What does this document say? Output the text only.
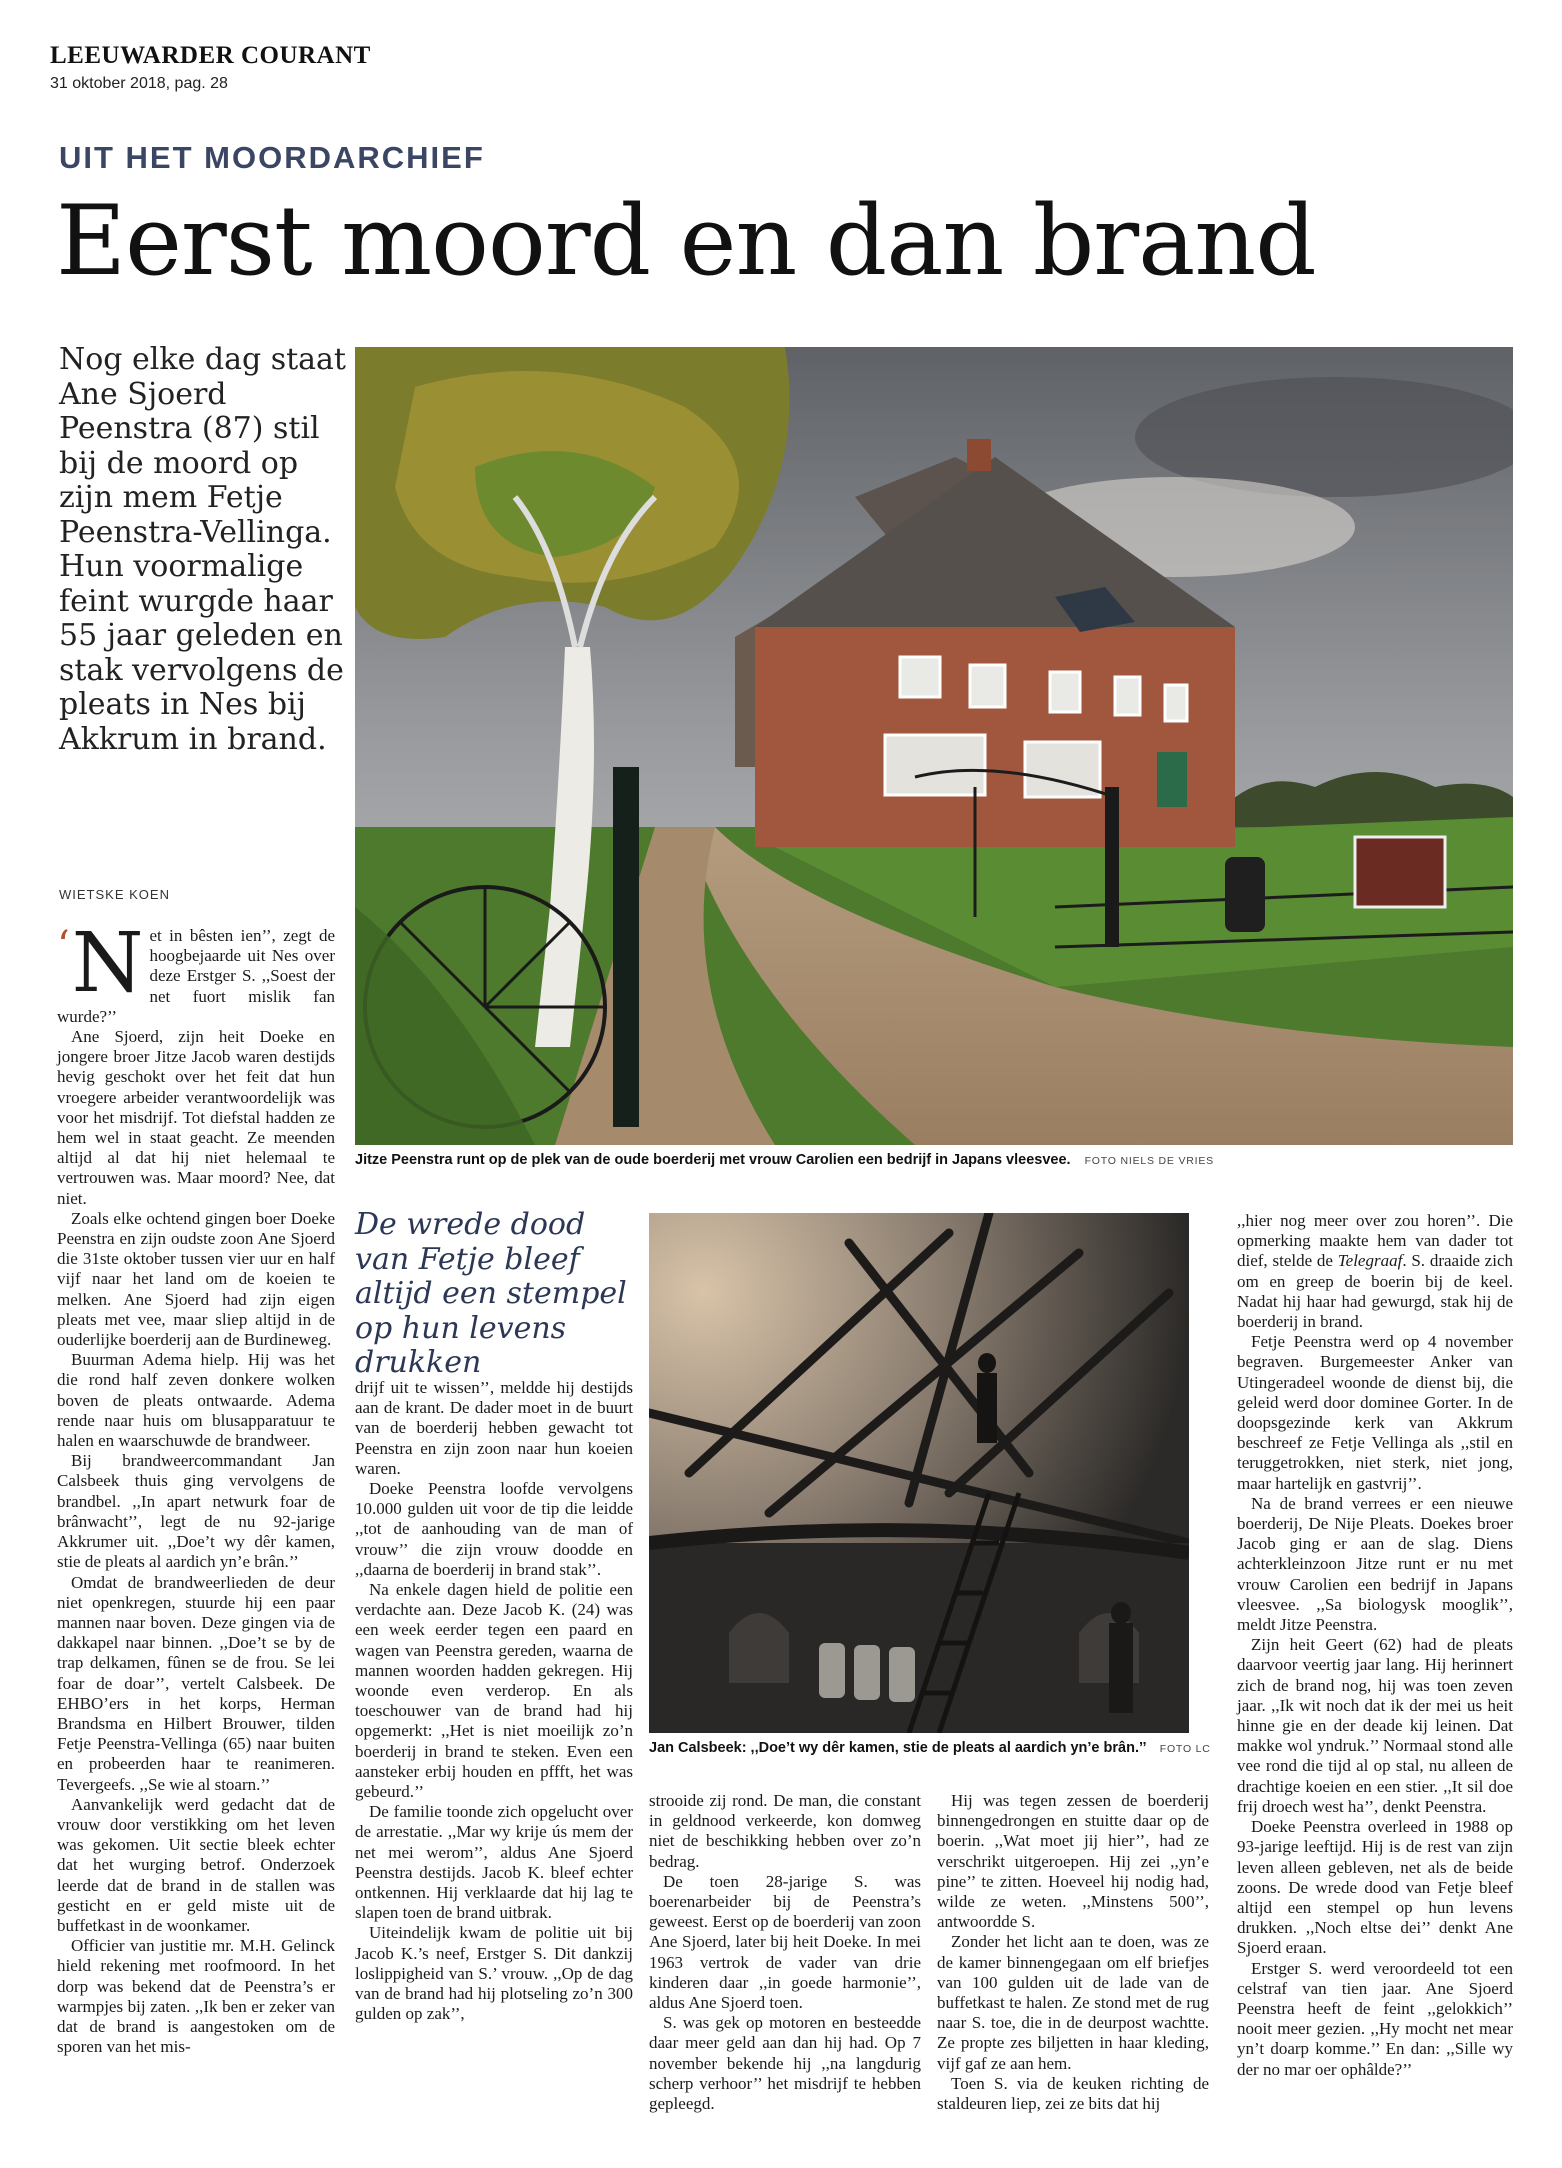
LEEUWARDER COURANT
31 oktober 2018, pag. 28
UIT HET MOORDARCHIEF
Eerst moord en dan brand
Nog elke dag staat Ane Sjoerd Peenstra (87) stil bij de moord op zijn mem Fetje Peenstra-Vellinga. Hun voormalige feint wurgde haar 55 jaar geleden en stak vervolgens de pleats in Nes bij Akkrum in brand.
WIETSKE KOEN
Jitze Peenstra runt op de plek van de oude boerderij met vrouw Carolien een bedrijf in Japans vleesvee. FOTO NIELS DE VRIES
De wrede dood van Fetje bleef altijd een stempel op hun levens drukken
Jan Calsbeek: ,,Doe’t wy dêr kamen, stie de pleats al aardich yn’e brân.’’ FOTO LC

‘ N et in bêsten ien’’, zegt de hoogbejaarde uit Nes over deze Erstger S. ,,Soest der net fuort mislik fan wurde?’’

Ane Sjoerd, zijn heit Doeke en jongere broer Jitze Jacob waren destijds hevig geschokt over het feit dat hun vroegere arbeider verantwoordelijk was voor het misdrijf. Tot diefstal hadden ze hem wel in staat geacht. Ze meenden altijd al dat hij niet helemaal te vertrouwen was. Maar moord? Nee, dat niet.

Zoals elke ochtend gingen boer Doeke Peenstra en zijn oudste zoon Ane Sjoerd die 31ste oktober tussen vier uur en half vijf naar het land om de koeien te melken. Ane Sjoerd had zijn eigen pleats met vee, maar sliep altijd in de ouderlijke boerderij aan de Burdineweg.

Buurman Adema hielp. Hij was het die rond half zeven donkere wolken boven de pleats ontwaarde. Adema rende naar huis om blusapparatuur te halen en waarschuwde de brandweer.

Bij brandweercommandant Jan Calsbeek thuis ging vervolgens de brandbel. ,,In apart netwurk foar de brânwacht’’, legt de nu 92-jarige Akkrumer uit. ,,Doe’t wy dêr kamen, stie de pleats al aardich yn’e brân.’’

Omdat de brandweerlieden de deur niet openkregen, stuurde hij een paar mannen naar boven. Deze gingen via de dakkapel naar binnen. ,,Doe’t se by de trap delkamen, fûnen se de frou. Se lei foar de doar’’, vertelt Calsbeek. De EHBO’ers in het korps, Herman Brandsma en Hilbert Brouwer, tilden Fetje Peenstra-Vellinga (65) naar buiten en probeerden haar te reanimeren. Tevergeefs. ,,Se wie al stoarn.’’

Aanvankelijk werd gedacht dat de vrouw door verstikking om het leven was gekomen. Uit sectie bleek echter dat het wurging betrof. Onderzoek leerde dat de brand in de stallen was gesticht en er geld miste uit de buffetkast in de woonkamer.

Officier van justitie mr. M.H. Gelinck hield rekening met roofmoord. In het dorp was bekend dat de Peenstra’s er warmpjes bij zaten. ,,Ik ben er zeker van dat de brand is aangestoken om de sporen van het mis-

drijf uit te wissen’’, meldde hij destijds aan de krant. De dader moet in de buurt van de boerderij hebben gewacht tot Peenstra en zijn zoon naar hun koeien waren.

Doeke Peenstra loofde vervolgens 10.000 gulden uit voor de tip die leidde ,,tot de aanhouding van de man of vrouw’’ die zijn vrouw doodde en ,,daarna de boerderij in brand stak’’.

Na enkele dagen hield de politie een verdachte aan. Deze Jacob K. (24) was een week eerder tegen een paard en wagen van Peenstra gereden, waarna de mannen woorden hadden gekregen. Hij woonde even verderop. En als toeschouwer van de brand had hij opgemerkt: ,,Het is niet moeilijk zo’n boerderij in brand te steken. Even een aansteker erbij houden en pffft, het was gebeurd.’’

De familie toonde zich opgelucht over de arrestatie. ,,Mar wy krije ús mem der net mei werom’’, aldus Ane Sjoerd Peenstra destijds. Jacob K. bleef echter ontkennen. Hij verklaarde dat hij lag te slapen toen de brand uitbrak.

Uiteindelijk kwam de politie uit bij Jacob K.’s neef, Erstger S. Dit dankzij loslippigheid van S.’ vrouw. ,,Op de dag van de brand had hij plotseling zo’n 300 gulden op zak’’,

strooide zij rond. De man, die constant in geldnood verkeerde, kon domweg niet de beschikking hebben over zo’n bedrag.

De toen 28-jarige S. was boerenarbeider bij de Peenstra’s geweest. Eerst op de boerderij van zoon Ane Sjoerd, later bij heit Doeke. In mei 1963 vertrok de vader van drie kinderen daar ,,in goede harmonie’’, aldus Ane Sjoerd toen.

S. was gek op motoren en besteedde daar meer geld aan dan hij had. Op 7 november bekende hij ,,na langdurig scherp verhoor’’ het misdrijf te hebben gepleegd.

Hij was tegen zessen de boerderij binnengedrongen en stuitte daar op de boerin. ,,Wat moet jij hier’’, had ze verschrikt uitgeroepen. Hij zei ,,yn’e pine’’ te zitten. Hoeveel hij nodig had, wilde ze weten. ,,Minstens 500’’, antwoordde S.

Zonder het licht aan te doen, was ze de kamer binnengegaan om elf briefjes van 100 gulden uit de lade van de buffetkast te halen. Ze stond met de rug naar S. toe, die in de deurpost wachtte. Ze propte zes biljetten in haar kleding, vijf gaf ze aan hem.

Toen S. via de keuken richting de staldeuren liep, zei ze bits dat hij

,,hier nog meer over zou horen’’. Die opmerking maakte hem van dader tot dief, stelde de Telegraaf. S. draaide zich om en greep de boerin bij de keel. Nadat hij haar had gewurgd, stak hij de boerderij in brand.

Fetje Peenstra werd op 4 november begraven. Burgemeester Anker van Utingeradeel woonde de dienst bij, die geleid werd door dominee Gorter. In de doopsgezinde kerk van Akkrum beschreef ze Fetje Vellinga als ,,stil en teruggetrokken, niet sterk, niet jong, maar hartelijk en gastvrij’’.

Na de brand verrees er een nieuwe boerderij, De Nije Pleats. Doekes broer Jacob ging er aan de slag. Diens achterkleinzoon Jitze runt er nu met vrouw Carolien een bedrijf in Japans vleesvee. ,,Sa biologysk mooglik’’, meldt Jitze Peenstra.

Zijn heit Geert (62) had de pleats daarvoor veertig jaar lang. Hij herinnert zich de brand nog, hij was toen zeven jaar. ,,Ik wit noch dat ik der mei us heit hinne gie en der deade kij leinen. Dat makke wol yndruk.’’ Normaal stond alle vee rond die tijd al op stal, nu alleen de drachtige koeien en een stier. ,,It sil doe frij droech west ha’’, denkt Peenstra.

Doeke Peenstra overleed in 1988 op 93-jarige leeftijd. Hij is de rest van zijn leven alleen gebleven, net als de beide zoons. De wrede dood van Fetje bleef altijd een stempel op hun levens drukken. ,,Noch eltse dei’’ denkt Ane Sjoerd eraan.

Erstger S. werd veroordeeld tot een celstraf van tien jaar. Ane Sjoerd Peenstra heeft de feint ,,gelokkich’’ nooit meer gezien. ,,Hy mocht net mear yn’t doarp komme.’’ En dan: ,,Sille wy der no mar oer ophâlde?’’
